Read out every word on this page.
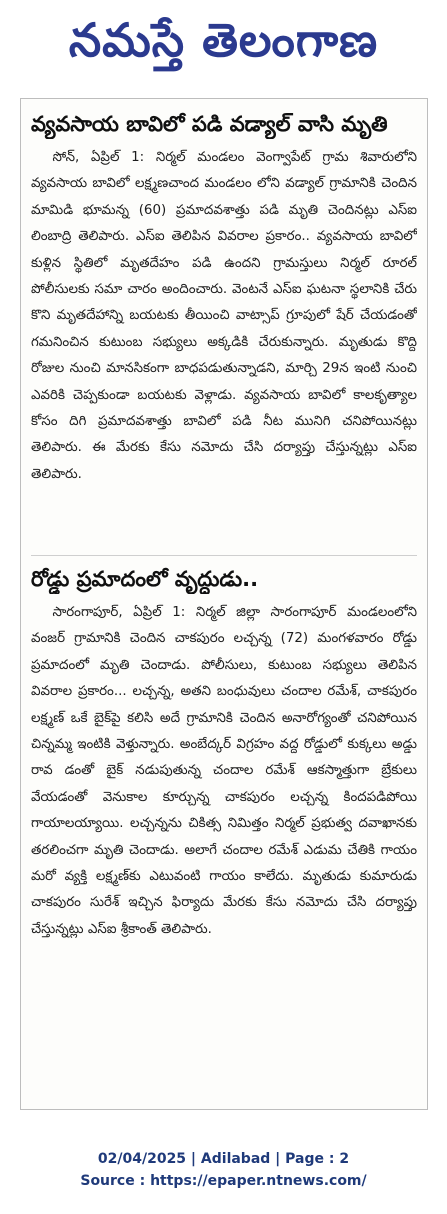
నమస్తే తెలంగాణ
వ్యవసాయ బావిలో పడి వడ్యాల్ వాసి మృతి

సోన్, ఏప్రిల్ 1: నిర్మల్ మండలం వెంగ్వాపేట్ గ్రామ శివారులోని వ్యవసాయ బావిలో లక్ష్మణచాంద మండలం లోని వడ్యాల్ గ్రామానికి చెందిన మామిడి భూమన్న (60) ప్రమాదవశాత్తు పడి మృతి చెందినట్లు ఎస్ఐ లింబాద్రి తెలిపారు. ఎస్ఐ తెలిపిన వివరాల ప్రకారం.. వ్యవసాయ బావిలో కుళ్లిన స్థితిలో మృతదేహం పడి ఉందని గ్రామస్తులు నిర్మల్ రూరల్ పోలీసులకు సమా చారం అందించారు. వెంటనే ఎస్ఐ ఘటనా స్థలానికి చేరు కొని మృతదేహాన్ని బయటకు తీయించి వాట్సాప్ గ్రూపులో షేర్ చేయడంతో గమనించిన కుటుంబ సభ్యులు అక్కడికి చేరుకున్నారు. మృతుడు కొద్ది రోజుల నుంచి మానసికంగా బాధపడుతున్నాడని, మార్చి 29న ఇంటి నుంచి ఎవరికి చెప్పకుండా బయటకు వెళ్లాడు. వ్యవసాయ బావిలో కాలకృత్యాల కోసం దిగి ప్రమాదవశాత్తు బావిలో పడి నీట మునిగి చనిపోయినట్లు తెలిపారు. ఈ మేరకు కేసు నమోదు చేసి దర్యాప్తు చేస్తున్నట్లు ఎస్ఐ తెలిపారు.

రోడ్డు ప్రమాదంలో వృద్ధుడు..

సారంగాపూర్, ఏప్రిల్ 1: నిర్మల్ జిల్లా సారంగాపూర్ మండలంలోని వంజర్ గ్రామానికి చెందిన చాకపురం లచ్చన్న (72) మంగళవారం రోడ్డు ప్రమాదంలో మృతి చెందాడు. పోలీసులు, కుటుంబ సభ్యులు తెలిపిన వివరాల ప్రకారం... లచ్చన్న, అతని బంధువులు చందాల రమేశ్, చాకపురం లక్ష్మణ్ ఒకే బైక్‌పై కలిసి అదే గ్రామానికి చెందిన అనారోగ్యంతో చనిపోయిన చిన్నమ్మ ఇంటికి వెళ్తున్నారు. అంబేద్కర్ విగ్రహం వద్ద రోడ్డులో కుక్కలు అడ్డు రావ డంతో బైక్ నడుపుతున్న చందాల రమేశ్ ఆకస్మాత్తుగా బ్రేకులు వేయడంతో వెనుకాల కూర్చున్న చాకపురం లచ్చన్న కిందపడిపోయి గాయాలయ్యాయి. లచ్చన్నను చికిత్స నిమిత్తం నిర్మల్ ప్రభుత్వ దవాఖానకు తరలించగా మృతి చెందాడు. అలాగే చందాల రమేశ్ ఎడుమ చేతికి గాయం మరో వ్యక్తి లక్ష్మణ్‌కు ఎటువంటి గాయం కాలేదు. మృతుడు కుమారుడు చాకపురం సురేశ్ ఇచ్చిన ఫిర్యాదు మేరకు కేసు నమోదు చేసి దర్యాప్తు చేస్తున్నట్లు ఎస్ఐ శ్రీకాంత్ తెలిపారు.

02/04/2025 | Adilabad | Page : 2
Source : https://epaper.ntnews.com/
